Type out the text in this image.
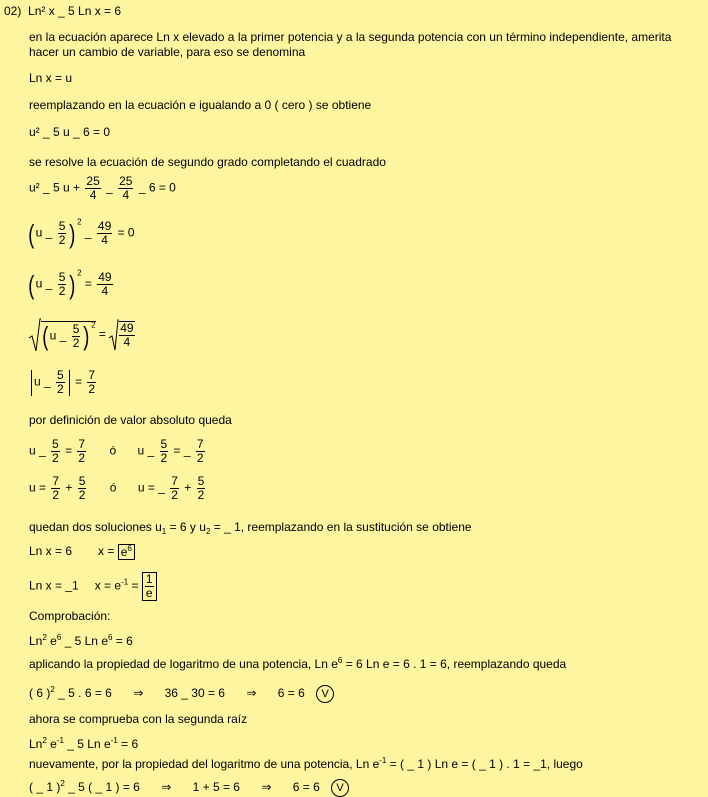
02) Ln² x _ 5 Ln x = 6
en la ecuación aparece Ln x elevado a la primer potencia y a la segunda potencia con un término independiente, amerita hacer un cambio de variable, para eso se denomina
Ln x = u
reemplazando en la ecuación e igualando a 0 ( cero ) se obtiene
u² _ 5 u _ 6 = 0
se resolve la ecuación de segundo grado completando el cuadrado
u² _ 5 $u + \frac{25}{4}$ _ $\frac{25}{4}$ _ 6 = 0
(u _ $\frac{5}{2} )^2$ _ $\frac{49}{4} = 0$
(u _ $\frac{5}{2} )^2 = \frac{49}{4}$
(u _ $\frac{5}{2} )^2 = \frac{49}{4}$
u _ $\frac{5}{2} = \frac{7}{2}$
por definición de valor absoluto queda
u _ $\frac{5}{2} = \frac{7}{2}$ ó u _ $\frac{5}{2}$ = _ $\frac{7}{2}$
$u = \frac{7}{2} + \frac{5}{2}$ ó u = _ $\frac{7}{2} + \frac{5}{2}$
quedan dos soluciones $u_1 = 6$ y $u_2$ = _ 1, reemplazando en la sustitución se obtiene
Ln x = 6 $x = e^6$
Ln x = _1 $x = e^{-1} = \frac{1}{e}$
Comprobación:
Ln$^2$ $e^6$ _ 5 Ln $e^6 = 6$
aplicando la propiedad de logaritmo de una potencia, Ln $e^6 = 6$ Ln e = 6 . 1 = 6, reemplazando queda
( 6 )$^2$ _ 5 . 6 = 6 ⇒ 36 _ 30 = 6 ⇒ 6 = 6 V
ahora se comprueba con la segunda raíz
Ln$^2$ $e^{-1}$ _ 5 Ln $e^{-1} = 6$
nuevamente, por la propiedad del logaritmo de una potencia, Ln $e^{-1}$ = ( _ 1 ) Ln e = ( _ 1 ) . 1 = _1, luego
( _ 1 )$^2$ _ 5 ( _ 1 ) = 6 ⇒ 1 + 5 = 6 ⇒ 6 = 6 V
